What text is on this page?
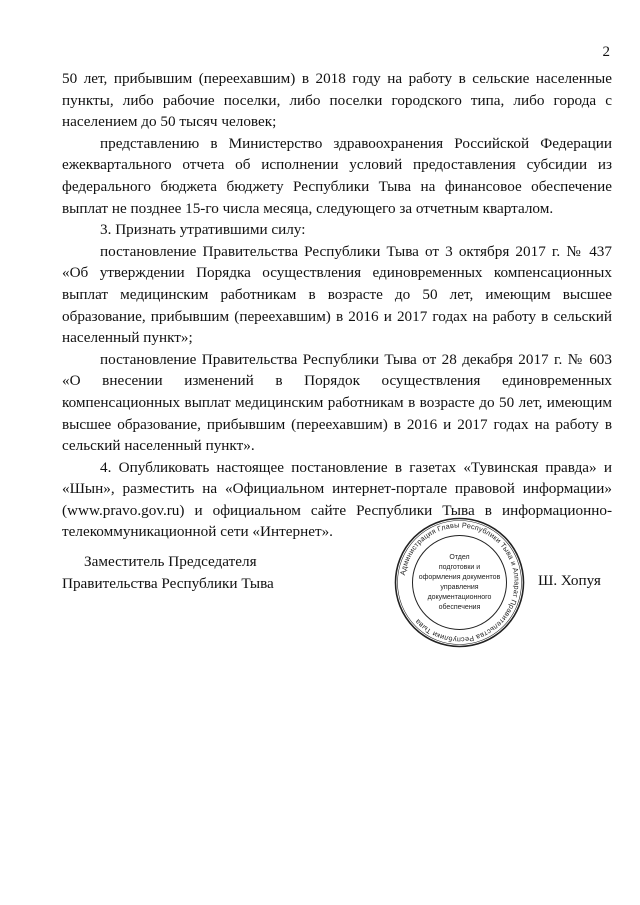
2

50 лет, прибывшим (переехавшим) в 2018 году на работу в сельские населенные пункты, либо рабочие поселки, либо поселки городского типа, либо города с населением до 50 тысяч человек;

представлению в Министерство здравоохранения Российской Федерации ежеквартального отчета об исполнении условий предоставления субсидии из федерального бюджета бюджету Республики Тыва на финансовое обеспечение выплат не позднее 15-го числа месяца, следующего за отчетным кварталом.

3. Признать утратившими силу:

постановление Правительства Республики Тыва от 3 октября 2017 г. № 437 «Об утверждении Порядка осуществления единовременных компенсационных выплат медицинским работникам в возрасте до 50 лет, имеющим высшее образование, прибывшим (переехавшим) в 2016 и 2017 годах на работу в сельский населенный пункт»;

постановление Правительства Республики Тыва от 28 декабря 2017 г. № 603 «О внесении изменений в Порядок осуществления единовременных компенсационных выплат медицинским работникам в возрасте до 50 лет, имеющим высшее образование, прибывшим (переехавшим) в 2016 и 2017 годах на работу в сельский населенный пункт».

4. Опубликовать настоящее постановление в газетах «Тувинская правда» и «Шын», разместить на «Официальном интернет-портале правовой информации» (www.pravo.gov.ru) и официальном сайте Республики Тыва в информационно-телекоммуникационной сети «Интернет».

Заместитель Председателя
Правительства Республики Тыва
Администрация Главы Республики Тыва и Аппарат Правительства Республики Тыва
Отдел
подготовки и
оформления документов
управления
документационного
обеспечения
Ш. Хопуя
